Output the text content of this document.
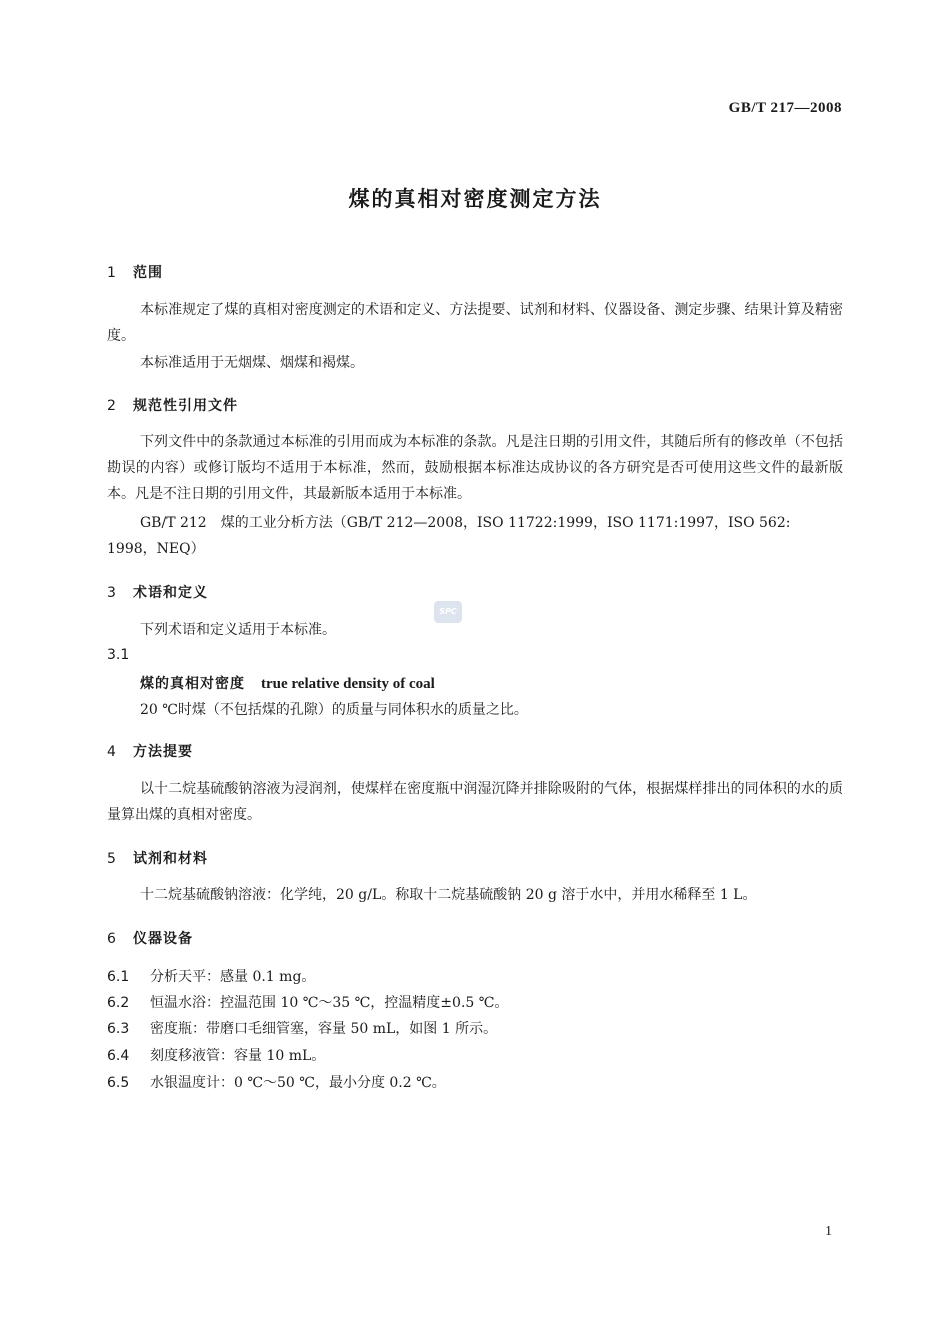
GB/T 217—2008
煤的真相对密度测定方法
1 范围
本标准规定了煤的真相对密度测定的术语和定义、方法提要、试剂和材料、仪器设备、测定步骤、结果计算及精密度。
本标准适用于无烟煤、烟煤和褐煤。
2 规范性引用文件
下列文件中的条款通过本标准的引用而成为本标准的条款。凡是注日期的引用文件，其随后所有的修改单（不包括勘误的内容）或修订版均不适用于本标准，然而，鼓励根据本标准达成协议的各方研究是否可使用这些文件的最新版本。凡是不注日期的引用文件，其最新版本适用于本标准。
GB/T 212　煤的工业分析方法（GB/T 212—2008，ISO 11722:1999，ISO 1171:1997，ISO 562:
1998，NEQ）
3 术语和定义
下列术语和定义适用于本标准。
3.1
煤的真相对密度 true relative density of coal
20 ℃时煤（不包括煤的孔隙）的质量与同体积水的质量之比。
4 方法提要
以十二烷基硫酸钠溶液为浸润剂，使煤样在密度瓶中润湿沉降并排除吸附的气体，根据煤样排出的同体积的水的质量算出煤的真相对密度。
5 试剂和材料
十二烷基硫酸钠溶液：化学纯，20 g/L。称取十二烷基硫酸钠 20 g 溶于水中，并用水稀释至 1 L。
6 仪器设备
6.1 分析天平：感量 0.1 mg。
6.2 恒温水浴：控温范围 10 ℃～35 ℃，控温精度±0.5 ℃。
6.3 密度瓶：带磨口毛细管塞，容量 50 mL，如图 1 所示。
6.4 刻度移液管：容量 10 mL。
6.5 水银温度计：0 ℃～50 ℃，最小分度 0.2 ℃。
SPC
1
